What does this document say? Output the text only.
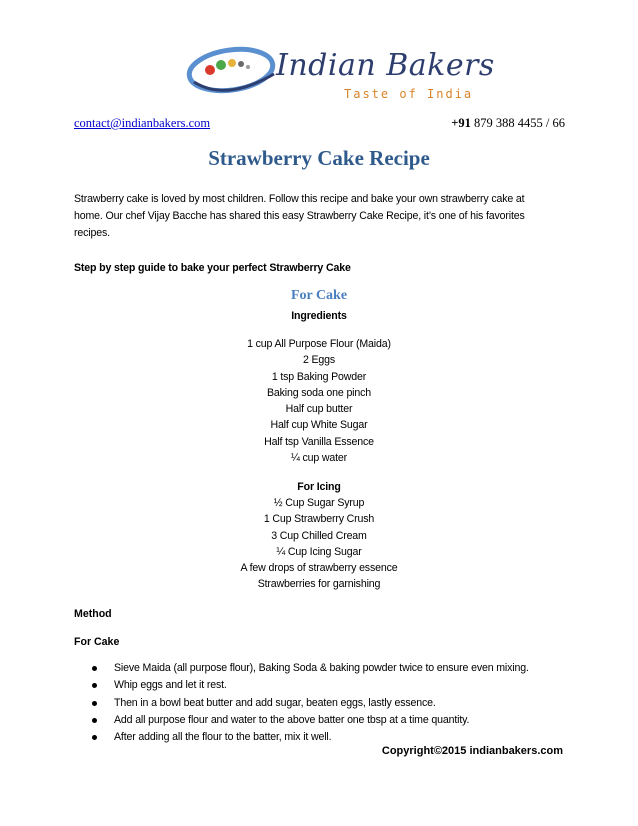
Indian Bakers
Taste of India
contact@indianbakers.com	+91 879 388 4455 / 66
Strawberry Cake Recipe

Strawberry cake is loved by most children. Follow this recipe and bake your own strawberry cake at home. Our chef Vijay Bacche has shared this easy Strawberry Cake Recipe, it’s one of his favorites recipes.

Step by step guide to bake your perfect Strawberry Cake

For Cake
Ingredients
1 cup All Purpose Flour (Maida)
2 Eggs
1 tsp Baking Powder
Baking soda one pinch
Half cup butter
Half cup White Sugar
Half tsp Vanilla Essence
¼ cup water
For Icing
½ Cup Sugar Syrup
1 Cup Strawberry Crush
3 Cup Chilled Cream
¼ Cup Icing Sugar
A few drops of strawberry essence
Strawberries for garnishing

Method

For Cake

Sieve Maida (all purpose flour), Baking Soda & baking powder twice to ensure even mixing.
Whip eggs and let it rest.
Then in a bowl beat butter and add sugar, beaten eggs, lastly essence.
Add all purpose flour and water to the above batter one tbsp at a time quantity.
After adding all the flour to the batter, mix it well.
Copyright©2015 indianbakers.com
